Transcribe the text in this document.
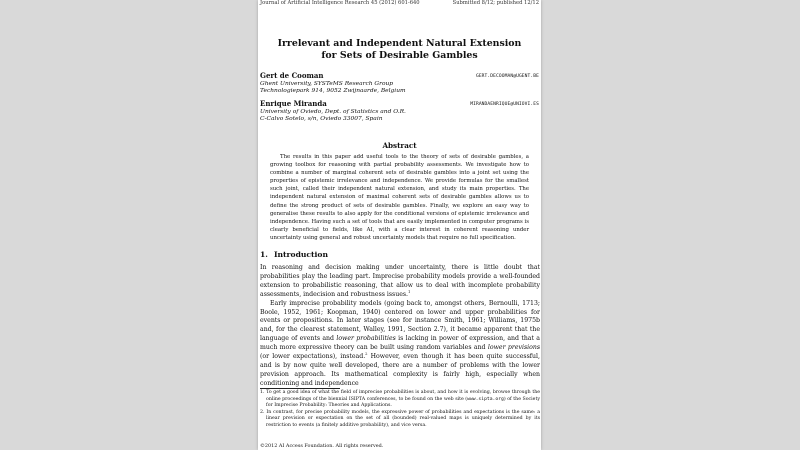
Journal of Artificial Intelligence Research 45 (2012) 601-640	Submitted 8/12; published 12/12
Irrelevant and Independent Natural Extension
for Sets of Desirable Gambles
Gert de Cooman	GERT.DECOOMAN@UGENT.BE
Ghent University, SYSTeMS Research Group
Technologiepark 914, 9052 Zwijnaarde, Belgium
Enrique Miranda	MIRANDAENRIQUE@UNIOVI.ES
University of Oviedo, Dept. of Statistics and O.R.
C-Calvo Sotelo, s/n, Oviedo 33007, Spain
Abstract

The results in this paper add useful tools to the theory of sets of desirable gambles, a growing toolbox for reasoning with partial probability assessments. We investigate how to combine a number of marginal coherent sets of desirable gambles into a joint set using the properties of epistemic irrelevance and independence. We provide formulas for the smallest such joint, called their independent natural extension, and study its main properties. The independent natural extension of maximal coherent sets of desirable gambles allows us to define the strong product of sets of desirable gambles. Finally, we explore an easy way to generalise these results to also apply for the conditional versions of epistemic irrelevance and independence. Having such a set of tools that are easily implemented in computer programs is clearly beneficial to fields, like AI, with a clear interest in coherent reasoning under uncertainty using general and robust uncertainty models that require no full specification.

1. Introduction

In reasoning and decision making under uncertainty, there is little doubt that probabilities play the leading part. Imprecise probability models provide a well-founded extension to probabilistic reasoning, that allow us to deal with incomplete probability assessments, indecision and robustness issues.$^1$

Early imprecise probability models (going back to, amongst others, Bernoulli, 1713; Boole, 1952, 1961; Koopman, 1940) centered on lower and upper probabilities for events or propositions. In later stages (see for instance Smith, 1961; Williams, 1975b and, for the clearest statement, Walley, 1991, Section 2.7), it became apparent that the language of events and lower probabilities is lacking in power of expression, and that a much more expressive theory can be built using random variables and lower previsions (or lower expectations), instead.$^2$ However, even though it has been quite successful, and is by now quite well developed, there are a number of problems with the lower prevision approach. Its mathematical complexity is fairly high, especially when conditioning and independence

1. To get a good idea of what the field of imprecise probabilities is about, and how it is evolving, browse through the online proceedings of the biennial ISIPTA conferences, to be found on the web site (www.sipta.org) of the Society for Imprecise Probability: Theories and Applications.

2. In contrast, for precise probability models, the expressive power of probabilities and expectations is the same: a linear prevision or expectation on the set of all (bounded) real-valued maps is uniquely determined by its restriction to events (a finitely additive probability), and vice versa.

©2012 AI Access Foundation. All rights reserved.
